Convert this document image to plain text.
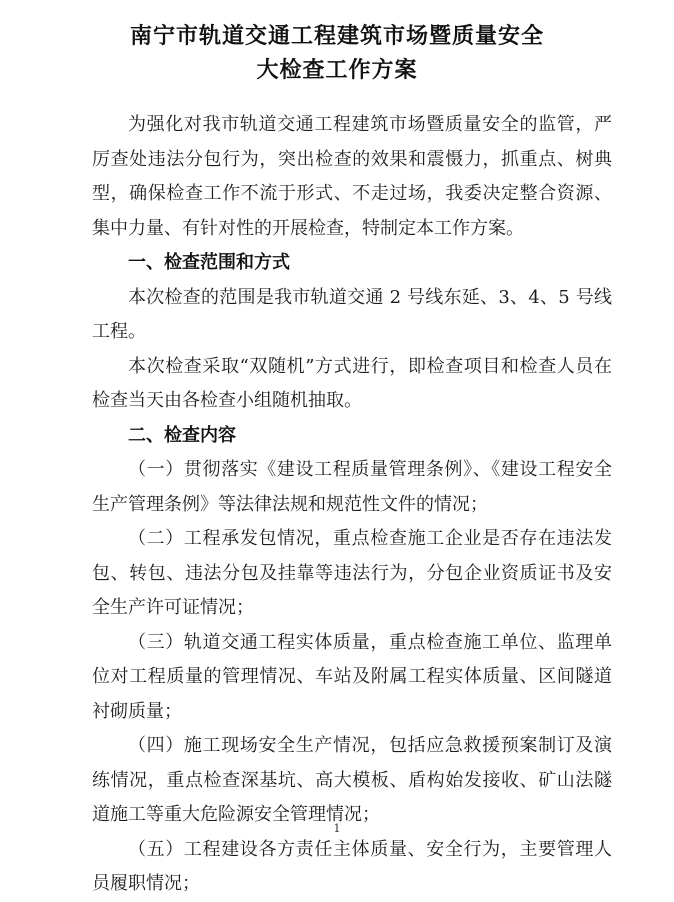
南宁市轨道交通工程建筑市场暨质量安全
大检查工作方案

为强化对我市轨道交通工程建筑市场暨质量安全的监管，严厉查处违法分包行为，突出检查的效果和震慑力，抓重点、树典型，确保检查工作不流于形式、不走过场，我委决定整合资源、集中力量、有针对性的开展检查，特制定本工作方案。

一、检查范围和方式

本次检查的范围是我市轨道交通 2 号线东延、3、4、5 号线工程。

本次检查采取“双随机”方式进行，即检查项目和检查人员在检查当天由各检查小组随机抽取。

二、检查内容

（一）贯彻落实《建设工程质量管理条例》、《建设工程安全生产管理条例》等法律法规和规范性文件的情况；

（二）工程承发包情况，重点检查施工企业是否存在违法发包、转包、违法分包及挂靠等违法行为，分包企业资质证书及安全生产许可证情况；

（三）轨道交通工程实体质量，重点检查施工单位、监理单位对工程质量的管理情况、车站及附属工程实体质量、区间隧道衬砌质量；

（四）施工现场安全生产情况，包括应急救援预案制订及演练情况，重点检查深基坑、高大模板、盾构始发接收、矿山法隧道施工等重大危险源安全管理情况；

（五）工程建设各方责任主体质量、安全行为，主要管理人员履职情况；

1
